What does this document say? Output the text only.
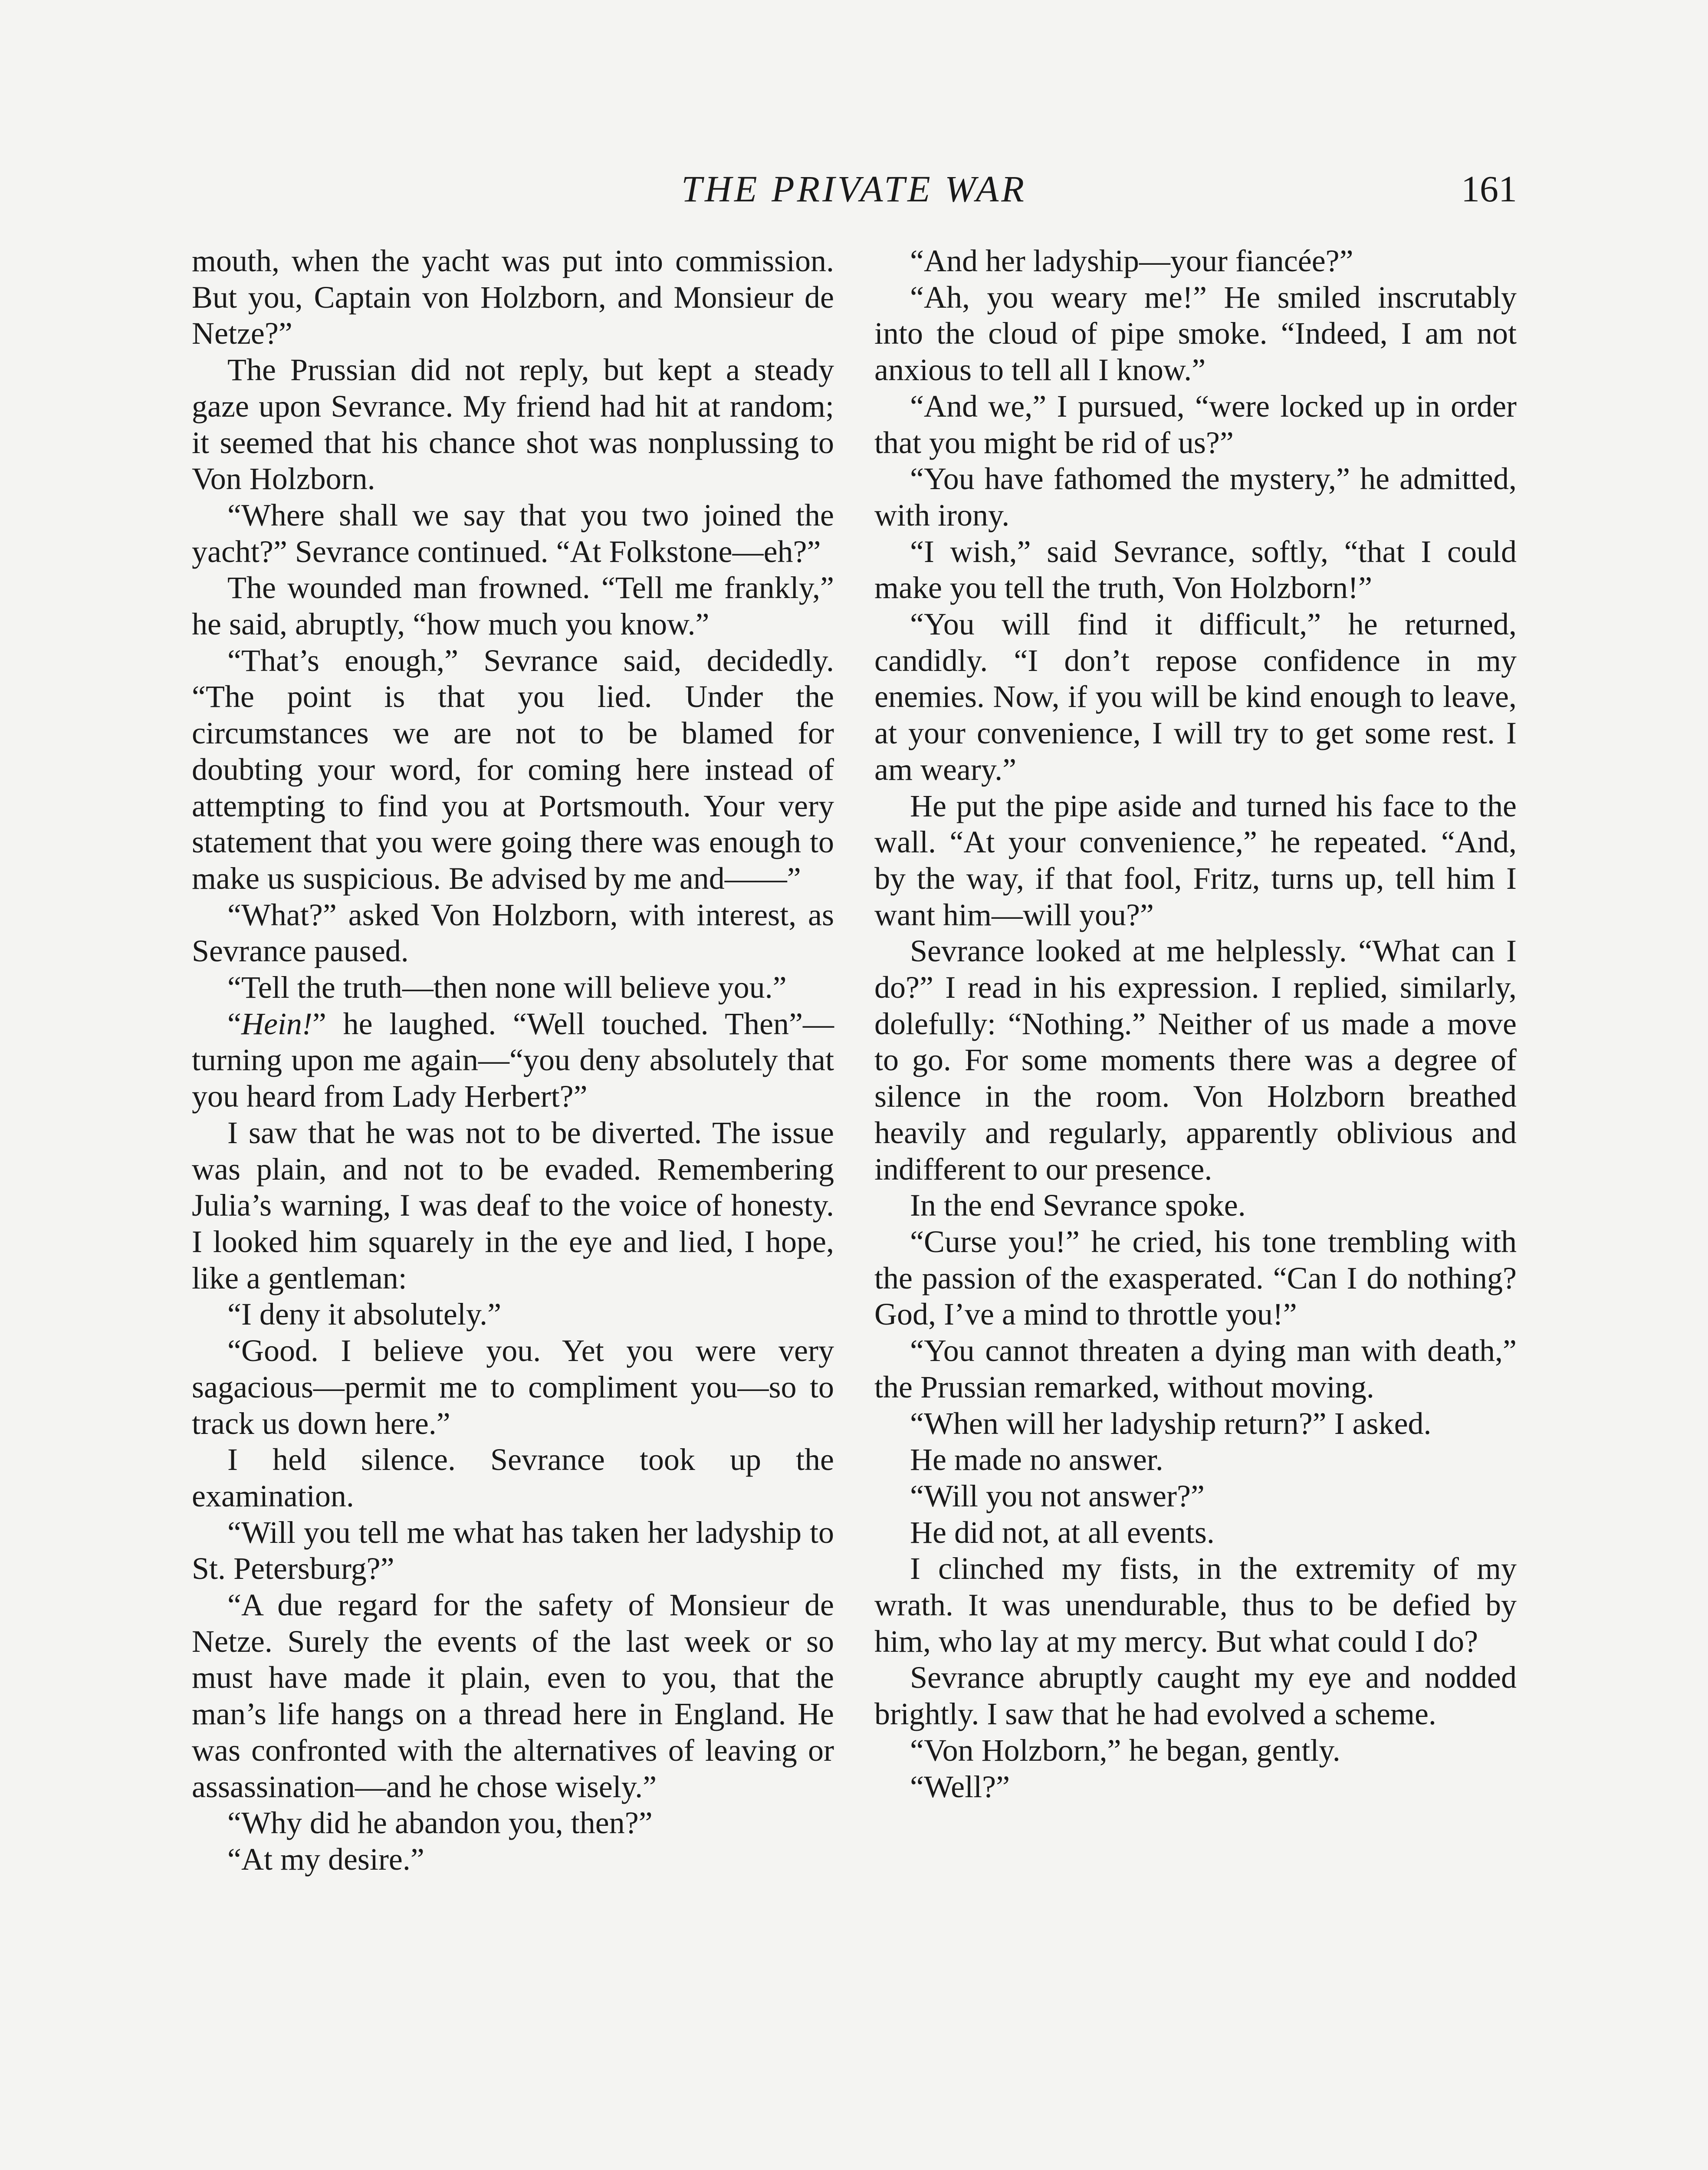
THE PRIVATE WAR	161

mouth, when the yacht was put into commission. But you, Captain von Holzborn, and Monsieur de Netze?”

The Prussian did not reply, but kept a steady gaze upon Sevrance. My friend had hit at random; it seemed that his chance shot was nonplussing to Von Holzborn.

“Where shall we say that you two joined the yacht?” Sevrance continued. “At Folkstone—eh?”

The wounded man frowned. “Tell me frankly,” he said, abruptly, “how much you know.”

“That’s enough,” Sevrance said, decidedly. “The point is that you lied. Under the circumstances we are not to be blamed for doubting your word, for coming here instead of attempting to find you at Portsmouth. Your very statement that you were going there was enough to make us suspicious. Be advised by me and——”

“What?” asked Von Holzborn, with interest, as Sevrance paused.

“Tell the truth—then none will believe you.”

“Hein!” he laughed. “Well touched. Then”—turning upon me again—“you deny absolutely that you heard from Lady Herbert?”

I saw that he was not to be diverted. The issue was plain, and not to be evaded. Remembering Julia’s warning, I was deaf to the voice of honesty. I looked him squarely in the eye and lied, I hope, like a gentleman:

“I deny it absolutely.”

“Good. I believe you. Yet you were very sagacious—permit me to compliment you—so to track us down here.”

I held silence. Sevrance took up the examination.

“Will you tell me what has taken her ladyship to St. Petersburg?”

“A due regard for the safety of Monsieur de Netze. Surely the events of the last week or so must have made it plain, even to you, that the man’s life hangs on a thread here in England. He was confronted with the alternatives of leaving or assassination—and he chose wisely.”

“Why did he abandon you, then?”

“At my desire.”

“And her ladyship—your fiancée?”

“Ah, you weary me!” He smiled inscrutably into the cloud of pipe smoke. “Indeed, I am not anxious to tell all I know.”

“And we,” I pursued, “were locked up in order that you might be rid of us?”

“You have fathomed the mystery,” he admitted, with irony.

“I wish,” said Sevrance, softly, “that I could make you tell the truth, Von Holzborn!”

“You will find it difficult,” he returned, candidly. “I don’t repose confidence in my enemies. Now, if you will be kind enough to leave, at your convenience, I will try to get some rest. I am weary.”

He put the pipe aside and turned his face to the wall. “At your convenience,” he repeated. “And, by the way, if that fool, Fritz, turns up, tell him I want him—will you?”

Sevrance looked at me helplessly. “What can I do?” I read in his expression. I replied, similarly, dolefully: “Nothing.” Neither of us made a move to go. For some moments there was a degree of silence in the room. Von Holzborn breathed heavily and regularly, apparently oblivious and indifferent to our presence.

In the end Sevrance spoke.

“Curse you!” he cried, his tone trembling with the passion of the exasperated. “Can I do nothing? God, I’ve a mind to throttle you!”

“You cannot threaten a dying man with death,” the Prussian remarked, without moving.

“When will her ladyship return?” I asked.

He made no answer.

“Will you not answer?”

He did not, at all events.

I clinched my fists, in the extremity of my wrath. It was unendurable, thus to be defied by him, who lay at my mercy. But what could I do?

Sevrance abruptly caught my eye and nodded brightly. I saw that he had evolved a scheme.

“Von Holzborn,” he began, gently.

“Well?”
